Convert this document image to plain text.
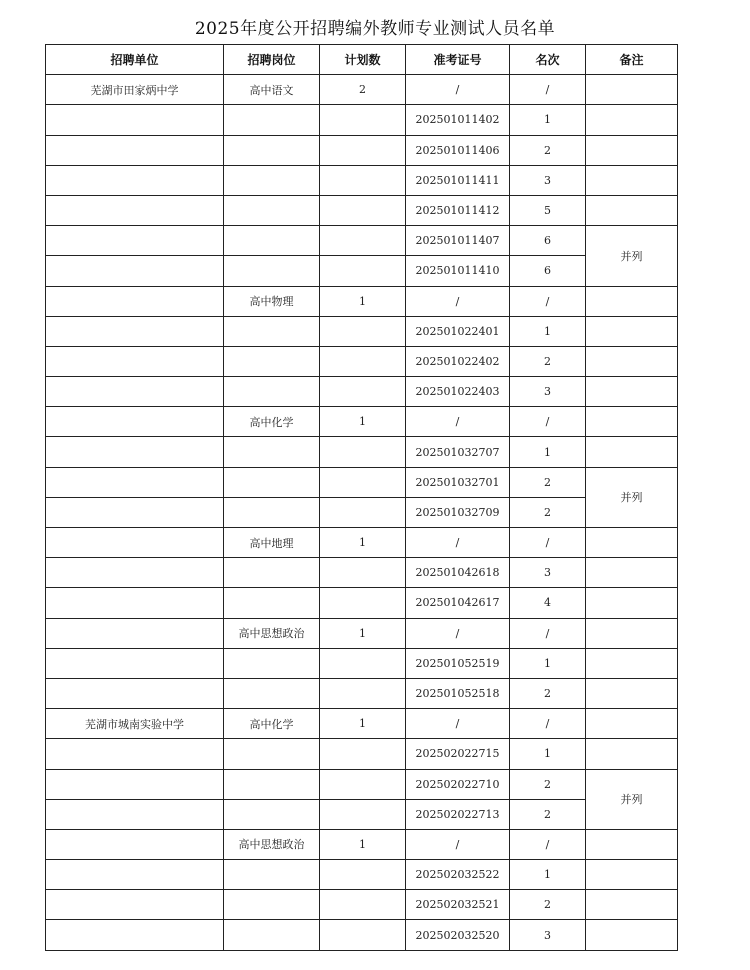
2025年度公开招聘编外教师专业测试人员名单
招聘单位	招聘岗位	计划数	准考证号	名次	备注
芜湖市田家炳中学	高中语文	2	/	/	
			202501011402	1	
			202501011406	2	
			202501011411	3	
			202501011412	5	
			202501011407	6	并列
			202501011410	6	
	高中物理	1	/	/	
			202501022401	1	
			202501022402	2	
			202501022403	3	
	高中化学	1	/	/	
			202501032707	1	
			202501032701	2	并列
			202501032709	2	
	高中地理	1	/	/	
			202501042618	3	
			202501042617	4	
	高中思想政治	1	/	/	
			202501052519	1	
			202501052518	2	
芜湖市城南实验中学	高中化学	1	/	/	
			202502022715	1	
			202502022710	2	并列
			202502022713	2	
	高中思想政治	1	/	/	
			202502032522	1	
			202502032521	2	
			202502032520	3	
